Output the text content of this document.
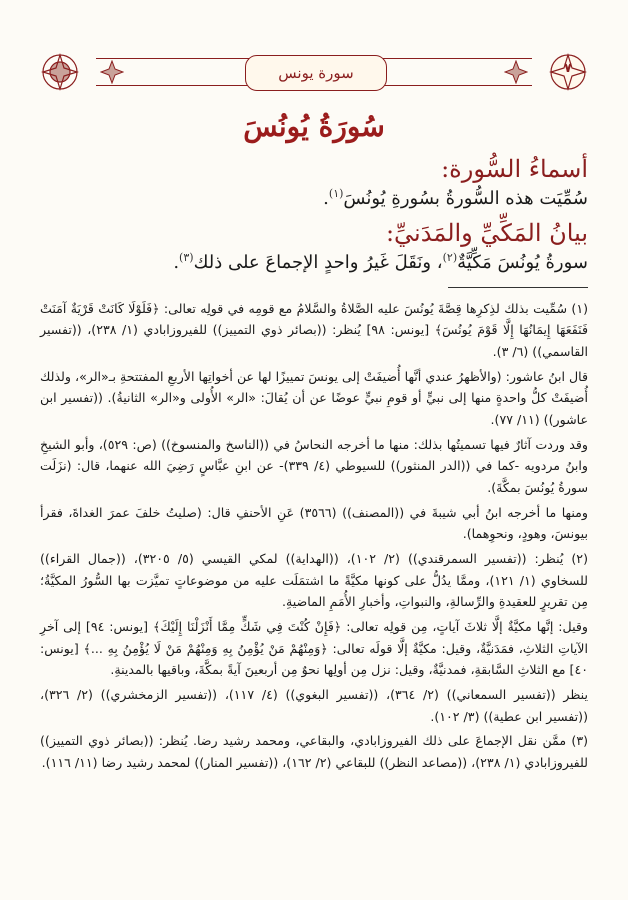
سورة يونس	٧
سُورَةُ يُونُسَ
أسماءُ السُّورة:

سُمِّيَت هذه السُّورةُ بسُورةِ يُونُسَ$^{(١)}$.

بيانُ المَكِّيِّ والمَدَنيِّ:

سورةُ يُونُسَ مَكِّيَّةٌ$^{(٢)}$، ونَقَلَ غَيرُ واحدٍ الإجماعَ على ذلك$^{(٣)}$.

(١) سُمِّيت بذلك لذِكرِها قِصَّةَ يُونُسَ عليه الصَّلاةُ والسَّلامُ مع قومِه في قولِه تعالى: ﴿فَلَوْلَا كَانَتْ قَرْيَةٌ آمَنَتْ فَنَفَعَهَا إِيمَانُهَا إِلَّا قَوْمَ يُونُسَ﴾ [يونس: ٩٨] يُنظر: ((بصائر ذوي التمييز)) للفيروزابادي (١/ ٢٣٨)، ((تفسير القاسمي)) (٦/ ٣).

قال ابنُ عاشور: (والأظهرُ عندي أنَّها أُضيفَتْ إلى يونسَ تمييزًا لها عن أخواتِها الأربعِ المفتتحةِ بـ«الر»، ولذلك أُضيفَتْ كلُّ واحدةٍ منها إلى نبيٍّ أو قومِ نبيٍّ عوضًا عن أن يُقالَ: «الر» الأُولى و«الر» الثانيةُ). ((تفسير ابن عاشور)) (١١/ ٧٧).

وقد وردت آثارٌ فيها تسميتُها بذلك: منها ما أخرجه النحاسُ في ((الناسخ والمنسوخ)) (ص: ٥٢٩)، وأبو الشيخِ وابنُ مردويه -كما في ((الدر المنثور)) للسيوطي (٤/ ٣٣٩)- عن ابنِ عبَّاسٍ رَضِيَ الله عنهما، قال: (نزَلَت سورةُ يُونُسَ بمكَّةَ).

ومنها ما أخرجه ابنُ أبي شيبةَ في ((المصنف)) (٣٥٦٦) عَنِ الأحنفِ قال: (صليتُ خلفَ عمرَ الغداةَ، فقرأ بيونسَ، وهودٍ، ونحوِهما).

(٢) يُنظر: ((تفسير السمرقندي)) (٢/ ١٠٢)، ((الهداية)) لمكي القيسي (٥/ ٣٢٠٥)، ((جمال القراء)) للسخاوي (١/ ١٢١)، وممَّا يدُلُّ على كونها مكيَّةً ما اشتمَلَت عليه من موضوعاتٍ تميَّزت بها السُّورُ المكيَّةُ؛ مِن تقريرٍ للعقيدةِ والرِّسالةِ، والنبواتِ، وأخبارِ الأُمَمِ الماضيةِ.

وقيل: إنَّها مكيَّةٌ إلَّا ثلاثَ آياتٍ، مِن قولِه تعالى: ﴿فَإِنْ كُنْتَ فِي شَكٍّ مِمَّا أَنْزَلْنَا إِلَيْكَ﴾ [يونس: ٩٤] إلى آخرِ الآياتِ الثلاثِ، فمَدَنيَّةٌ، وقيل: مكيَّةٌ إلَّا قولَه تعالى: ﴿وَمِنْهُمْ مَنْ يُؤْمِنُ بِهِ وَمِنْهُمْ مَنْ لَا يُؤْمِنُ بِهِ ...﴾ [يونس: ٤٠] مع الثلاثِ السَّابقةِ، فمدنيَّةٌ، وقيل: نزل مِن أولِها نحوٌ مِن أربعينَ آيةً بمكَّةَ، وباقيها بالمدينةِ.

ينظر ((تفسير السمعاني)) (٢/ ٣٦٤)، ((تفسير البغوي)) (٤/ ١١٧)، ((تفسير الزمخشري)) (٢/ ٣٢٦)، ((تفسير ابن عطية)) (٣/ ١٠٢).

(٣) ممَّن نقل الإجماعَ على ذلك الفيروزابادي، والبقاعي، ومحمد رشيد رضا. يُنظر: ((بصائر ذوي التمييز)) للفيروزابادي (١/ ٢٣٨)، ((مصاعد النظر)) للبقاعي (٢/ ١٦٢)، ((تفسير المنار)) لمحمد رشيد رضا (١١/ ١١٦).
